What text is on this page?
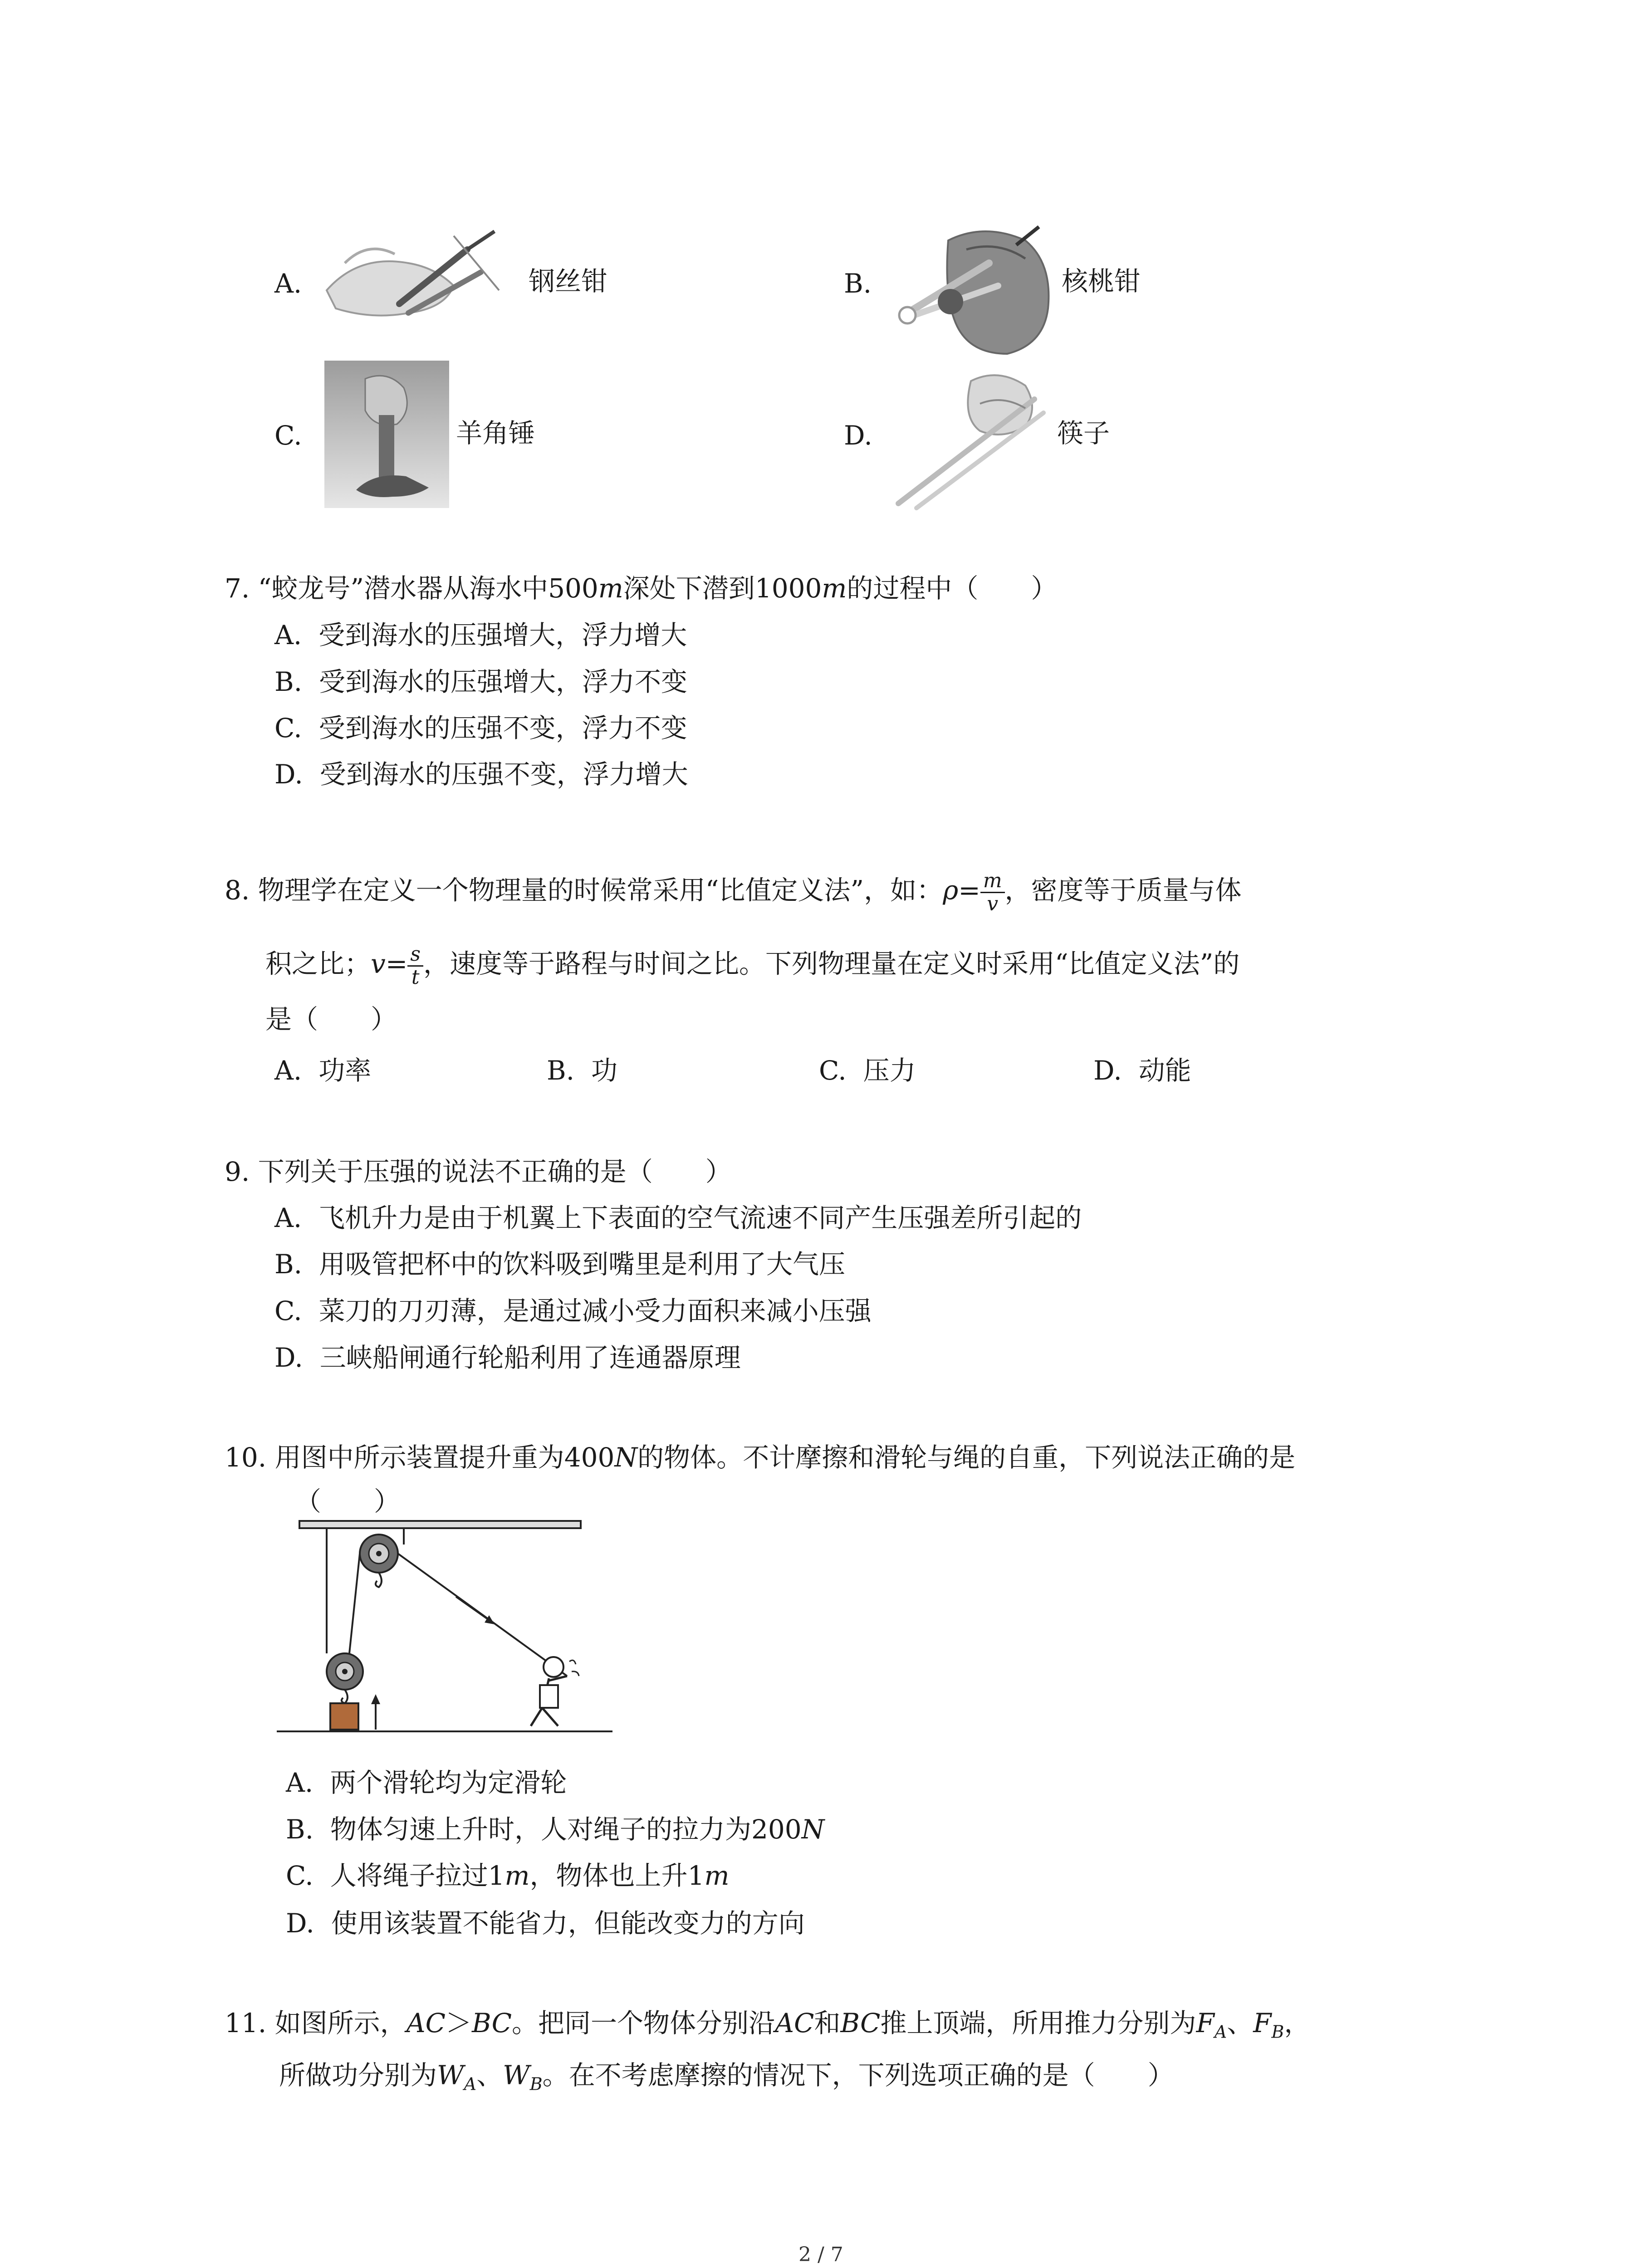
A.	钢丝钳	B.	核桃钳
C.	羊角锤	D.	筷子
7. “蛟龙号”潜水器从海水中500m深处下潜到1000m的过程中（　　）
A. 受到海水的压强增大，浮力增大
B. 受到海水的压强增大，浮力不变
C. 受到海水的压强不变，浮力不变
D. 受到海水的压强不变，浮力增大
8. 物理学在定义一个物理量的时候常采用“比值定义法”，如：$\rho= \frac{m}{v}$ ，密度等于质量与体
积之比；$v= \frac{s}{t}$ ，速度等于路程与时间之比。下列物理量在定义时采用“比值定义法”的
是（　　）
A. 功率	B. 功	C. 压力	D. 动能
9. 下列关于压强的说法不正确的是（　　）
A. 飞机升力是由于机翼上下表面的空气流速不同产生压强差所引起的
B. 用吸管把杯中的饮料吸到嘴里是利用了大气压
C. 菜刀的刀刃薄，是通过减小受力面积来减小压强
D. 三峡船闸通行轮船利用了连通器原理
10. 用图中所示装置提升重为400N的物体。不计摩擦和滑轮与绳的自重，下列说法正确的是
（　　）
A. 两个滑轮均为定滑轮
B. 物体匀速上升时，人对绳子的拉力为200N
C. 人将绳子拉过1m，物体也上升1m
D. 使用该装置不能省力，但能改变力的方向
11. 如图所示，AC＞BC。把同一个物体分别沿AC和BC推上顶端，所用推力分别为$F_A$、$F_B$，
所做功分别为$W_A$、$W_B$。在不考虑摩擦的情况下，下列选项正确的是（　　）
2 / 7
